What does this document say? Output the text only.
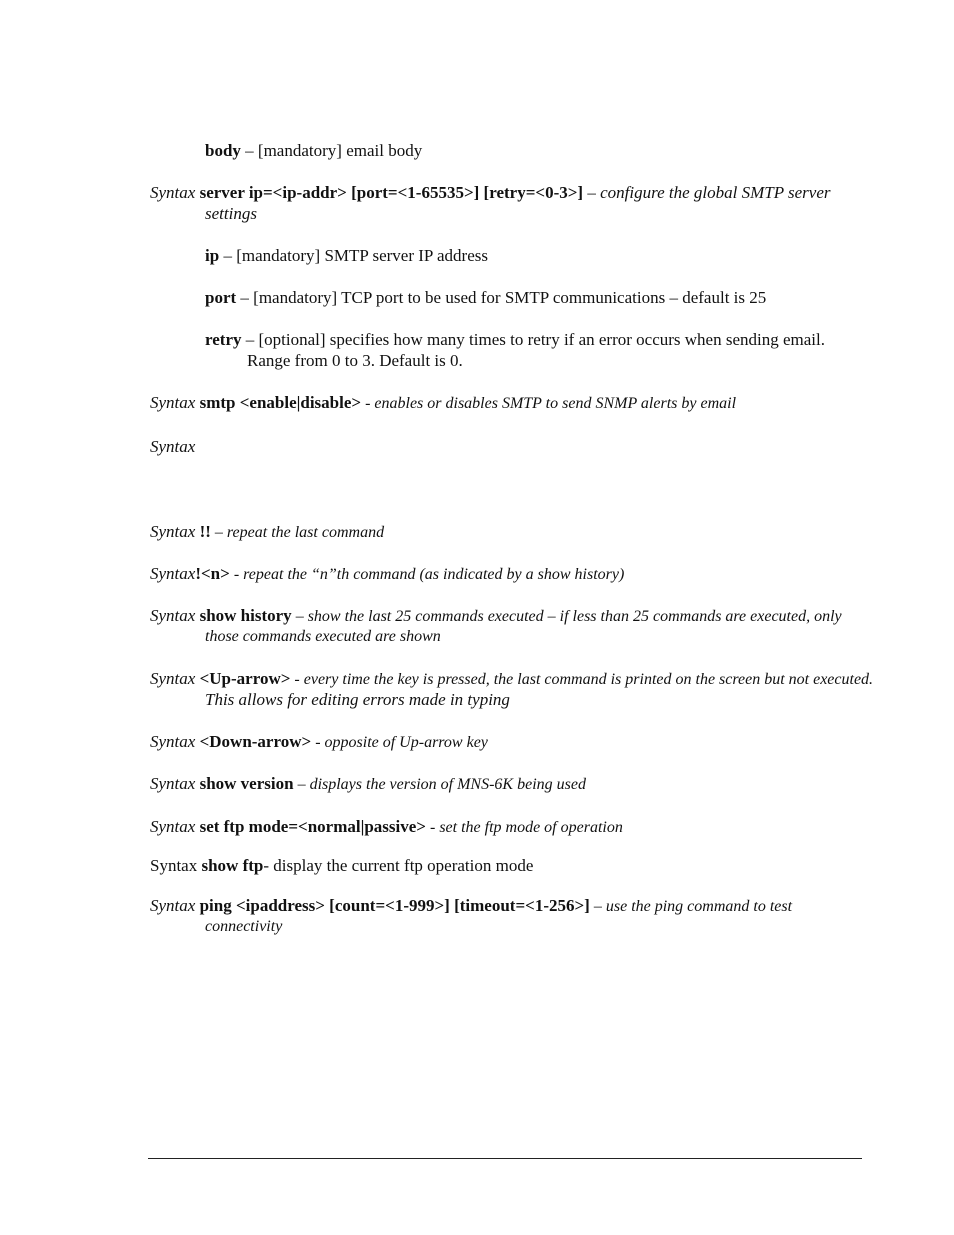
body – [mandatory] email body
Syntax server ip=<ip-addr> [port=<1-65535>] [retry=<0-3>] – configure the global SMTP server
settings
ip – [mandatory] SMTP server IP address
port – [mandatory] TCP port to be used for SMTP communications – default is 25
retry – [optional] specifies how many times to retry if an error occurs when sending email.
Range from 0 to 3. Default is 0.
Syntax smtp <enable|disable> - enables or disables SMTP to send SNMP alerts by email
Syntax
Syntax !! – repeat the last command
Syntax!<n> - repeat the “n”th command (as indicated by a show history)
Syntax show history – show the last 25 commands executed – if less than 25 commands are executed, only
those commands executed are shown
Syntax <Up-arrow> - every time the key is pressed, the last command is printed on the screen but not executed.
This allows for editing errors made in typing
Syntax <Down-arrow> - opposite of Up-arrow key
Syntax show version – displays the version of MNS-6K being used
Syntax set ftp mode=<normal|passive> - set the ftp mode of operation
Syntax show ftp- display the current ftp operation mode
Syntax ping <ipaddress> [count=<1-999>] [timeout=<1-256>] – use the ping command to test
connectivity
